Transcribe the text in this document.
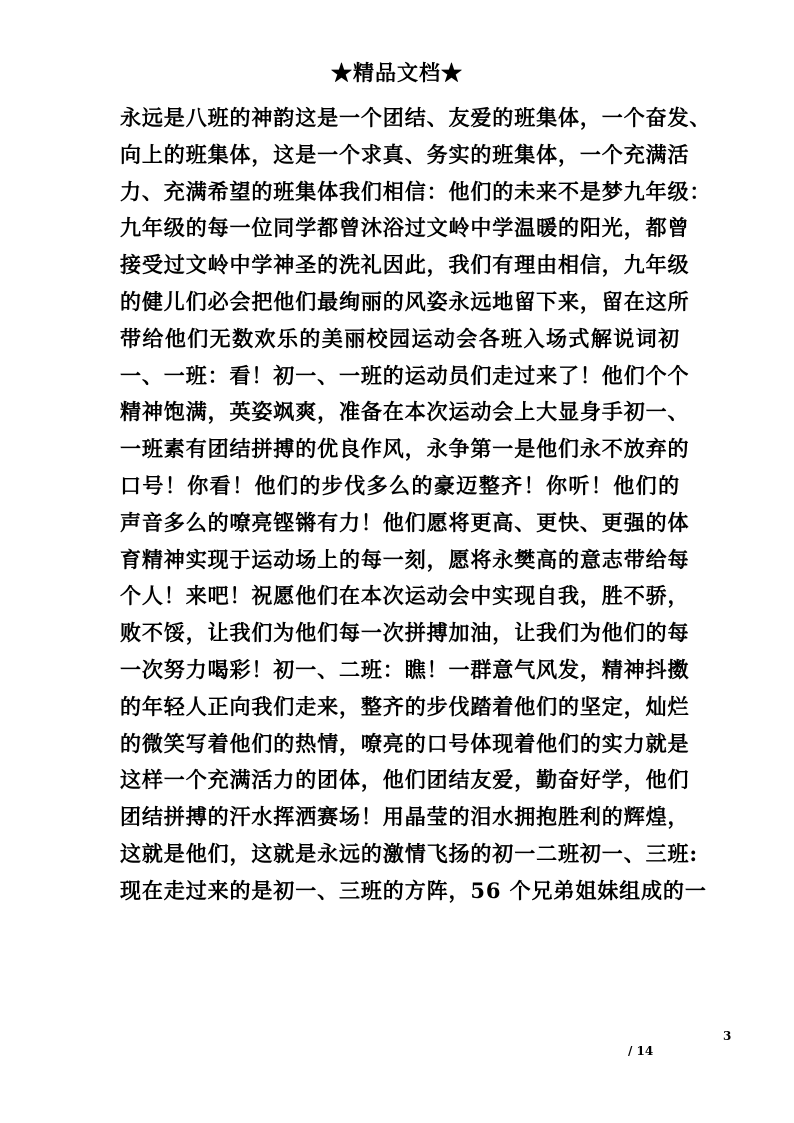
★精品文档★
永远是八班的神韵这是一个团结、友爱的班集体，一个奋发、
向上的班集体，这是一个求真、务实的班集体，一个充满活
力、充满希望的班集体我们相信：他们的未来不是梦九年级：
九年级的每一位同学都曾沐浴过文岭中学温暖的阳光，都曾
接受过文岭中学神圣的洗礼因此，我们有理由相信，九年级
的健儿们必会把他们最绚丽的风姿永远地留下来，留在这所
带给他们无数欢乐的美丽校园运动会各班入场式解说词初
一、一班：看！初一、一班的运动员们走过来了！他们个个
精神饱满，英姿飒爽，准备在本次运动会上大显身手初一、
一班素有团结拼搏的优良作风，永争第一是他们永不放弃的
口号！你看！他们的步伐多么的豪迈整齐！你听！他们的
声音多么的嘹亮铿锵有力！他们愿将更高、更快、更强的体
育精神实现于运动场上的每一刻，愿将永樊高的意志带给每
个人！来吧！祝愿他们在本次运动会中实现自我，胜不骄，
败不馁，让我们为他们每一次拼搏加油，让我们为他们的每
一次努力喝彩！初一、二班：瞧！一群意气风发，精神抖擞
的年轻人正向我们走来，整齐的步伐踏着他们的坚定，灿烂
的微笑写着他们的热情，嘹亮的口号体现着他们的实力就是
这样一个充满活力的团体，他们团结友爱，勤奋好学，他们
团结拼搏的汗水挥洒赛场！用晶莹的泪水拥抱胜利的辉煌，
这就是他们，这就是永远的激情飞扬的初一二班初一、三班:
现在走过来的是初一、三班的方阵，56 个兄弟姐妹组成的一
3
/ 14
